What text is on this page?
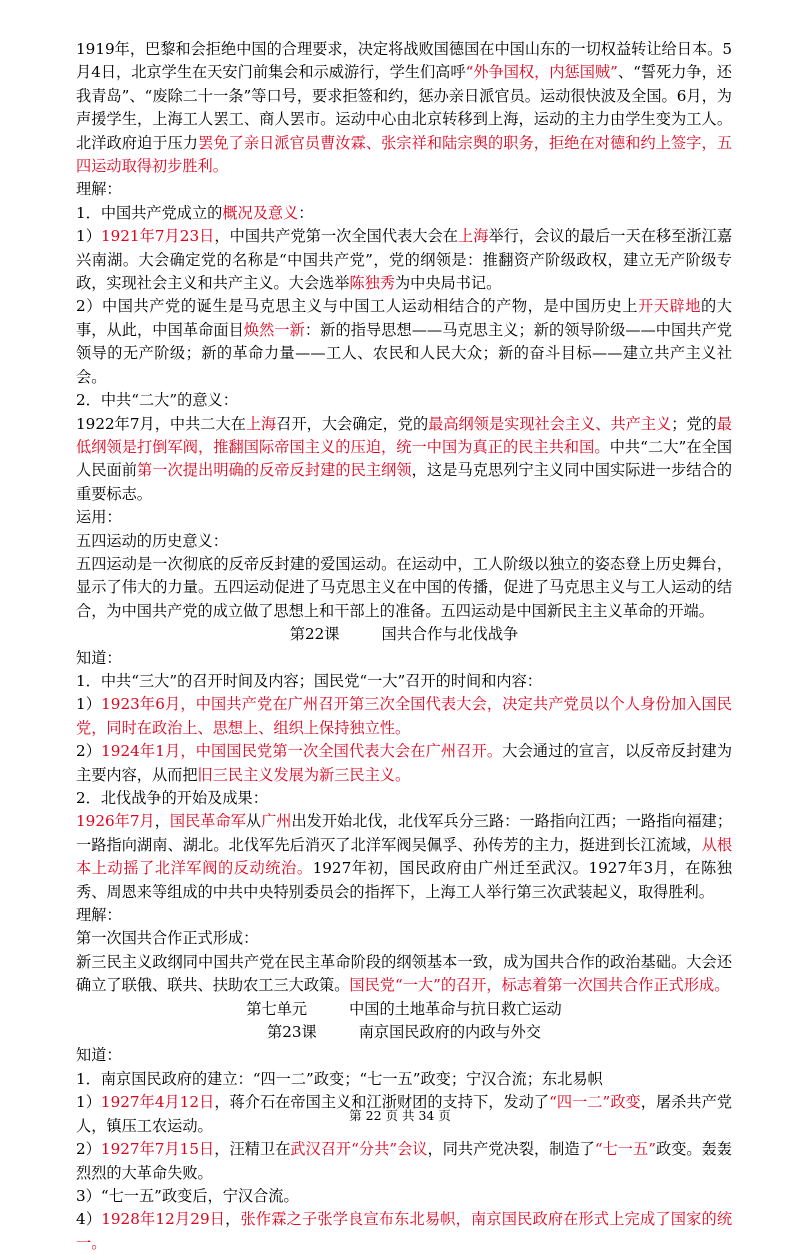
1919年，巴黎和会拒绝中国的合理要求，决定将战败国德国在中国山东的一切权益转让给日本。5月4日，北京学生在天安门前集会和示威游行，学生们高呼“外争国权，内惩国贼”、“誓死力争，还我青岛”、“废除二十一条”等口号，要求拒签和约，惩办亲日派官员。运动很快波及全国。6月，为声援学生，上海工人罢工、商人罢市。运动中心由北京转移到上海，运动的主力由学生变为工人。北洋政府迫于压力罢免了亲日派官员曹汝霖、张宗祥和陆宗舆的职务，拒绝在对德和约上签字，五四运动取得初步胜利。
理解：
1．中国共产党成立的概况及意义：
1）1921年7月23日，中国共产党第一次全国代表大会在上海举行，会议的最后一天在移至浙江嘉兴南湖。大会确定党的名称是“中国共产党”，党的纲领是：推翻资产阶级政权，建立无产阶级专政，实现社会主义和共产主义。大会选举陈独秀为中央局书记。
2）中国共产党的诞生是马克思主义与中国工人运动相结合的产物，是中国历史上开天辟地的大事，从此，中国革命面目焕然一新：新的指导思想——马克思主义；新的领导阶级——中国共产党领导的无产阶级；新的革命力量——工人、农民和人民大众；新的奋斗目标——建立共产主义社会。
2．中共“二大”的意义：
1922年7月，中共二大在上海召开，大会确定，党的最高纲领是实现社会主义、共产主义；党的最低纲领是打倒军阀，推翻国际帝国主义的压迫，统一中国为真正的民主共和国。中共“二大”在全国人民面前第一次提出明确的反帝反封建的民主纲领，这是马克思列宁主义同中国实际进一步结合的重要标志。
运用：
五四运动的历史意义：
五四运动是一次彻底的反帝反封建的爱国运动。在运动中，工人阶级以独立的姿态登上历史舞台，显示了伟大的力量。五四运动促进了马克思主义在中国的传播，促进了马克思主义与工人运动的结合，为中国共产党的成立做了思想上和干部上的准备。五四运动是中国新民主主义革命的开端。
第22课	国共合作与北伐战争
知道：
1．中共“三大”的召开时间及内容；国民党“一大”召开的时间和内容：
1）1923年6月，中国共产党在广州召开第三次全国代表大会，决定共产党员以个人身份加入国民党，同时在政治上、思想上、组织上保持独立性。
2）1924年1月，中国国民党第一次全国代表大会在广州召开。大会通过的宣言，以反帝反封建为主要内容，从而把旧三民主义发展为新三民主义。
2．北伐战争的开始及成果：
1926年7月，国民革命军从广州出发开始北伐，北伐军兵分三路：一路指向江西；一路指向福建；一路指向湖南、湖北。北伐军先后消灭了北洋军阀吴佩孚、孙传芳的主力，挺进到长江流域，从根本上动摇了北洋军阀的反动统治。1927年初，国民政府由广州迁至武汉。1927年3月，在陈独秀、周恩来等组成的中共中央特别委员会的指挥下，上海工人举行第三次武装起义，取得胜利。
理解：
第一次国共合作正式形成：
新三民主义政纲同中国共产党在民主革命阶段的纲领基本一致，成为国共合作的政治基础。大会还确立了联俄、联共、扶助农工三大政策。国民党“一大”的召开，标志着第一次国共合作正式形成。
第七单元	中国的土地革命与抗日救亡运动
第23课	南京国民政府的内政与外交
知道：
1．南京国民政府的建立：“四一二”政变；“七一五”政变；宁汉合流；东北易帜
1）1927年4月12日，蒋介石在帝国主义和江浙财团的支持下，发动了“四一二”政变，屠杀共产党人，镇压工农运动。
2）1927年7月15日，汪精卫在武汉召开“分共”会议，同共产党决裂，制造了“七一五”政变。轰轰烈烈的大革命失败。
3）“七一五”政变后，宁汉合流。
4）1928年12月29日，张作霖之子张学良宣布东北易帜，南京国民政府在形式上完成了国家的统一。
第 22 页 共 34 页
